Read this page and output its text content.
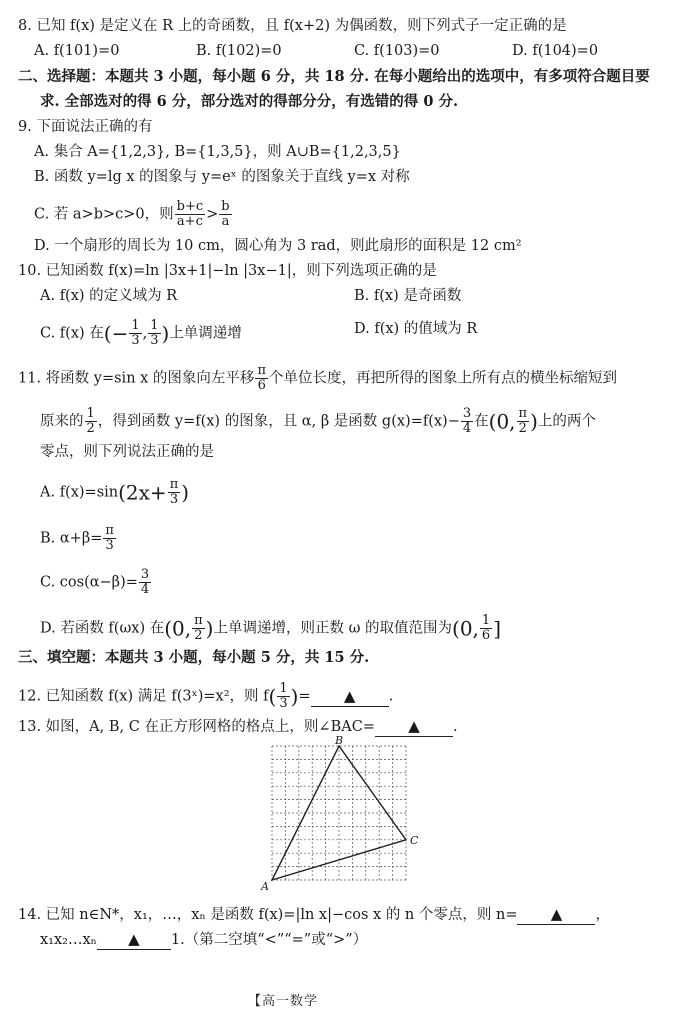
8. 已知 f(x) 是定义在 R 上的奇函数，且 f(x+2) 为偶函数，则下列式子一定正确的是
A. f(101)=0	B. f(102)=0	C. f(103)=0	D. f(104)=0
二、选择题：本题共 3 小题，每小题 6 分，共 18 分. 在每小题给出的选项中，有多项符合题目要
求. 全部选对的得 6 分，部分选对的得部分分，有选错的得 0 分.
9. 下面说法正确的有
A. 集合 A={1,2,3}, B={1,3,5}，则 A∪B={1,2,3,5}
B. 函数 y=lg x 的图象与 y=eˣ 的图象关于直线 y=x 对称
C. 若 a>b>c>0，则 $\frac{b+c}{a+c} > \frac{b}{a}$
D. 一个扇形的周长为 10 cm，圆心角为 3 rad，则此扇形的面积是 12 cm²
10. 已知函数 f(x)=ln |3x+1|−ln |3x−1|，则下列选项正确的是
A. f(x) 的定义域为 R	B. f(x) 是奇函数
C. f(x) 在(− $\frac{1}{3}$ , $\frac{1}{3}$ )上单调递增	D. f(x) 的值域为 R
11. 将函数 y=sin x 的图象向左平移 $\frac{\pi}{6}$ 个单位长度，再把所得的图象上所有点的横坐标缩短到
原来的 $\frac{1}{2}$ ，得到函数 y=f(x) 的图象，且 α, β 是函数 $g(x)=f(x)- \frac{3}{4}$ 在(0, $\frac{\pi}{2}$ )上的两个
零点，则下列说法正确的是
A. $f(x)=\sin(2x+ \frac{\pi}{3}$ )
B. $\alpha+\beta= \frac{\pi}{3}$
C. $\cos(\alpha-\beta)= \frac{3}{4}$
D. 若函数 f(ωx) 在(0, $\frac{\pi}{2}$ )上单调递增，则正数 ω 的取值范围为(0, $\frac{1}{6}$ ]
三、填空题：本题共 3 小题，每小题 5 分，共 15 分.
12. 已知函数 f(x) 满足 f(3ˣ)=x²，则 $f( \frac{1}{3}$ )= ▲ .
13. 如图，A, B, C 在正方形网格的格点上，则∠BAC= ▲ .
A
B
C
14. 已知 n∈N*，x₁，…，xₙ 是函数 f(x)=|ln x|−cos x 的 n 个零点，则 n= ▲ ，
x₁x₂…xₙ ▲ 1.（第二空填“<”“=”或“>”）
【高一数学
